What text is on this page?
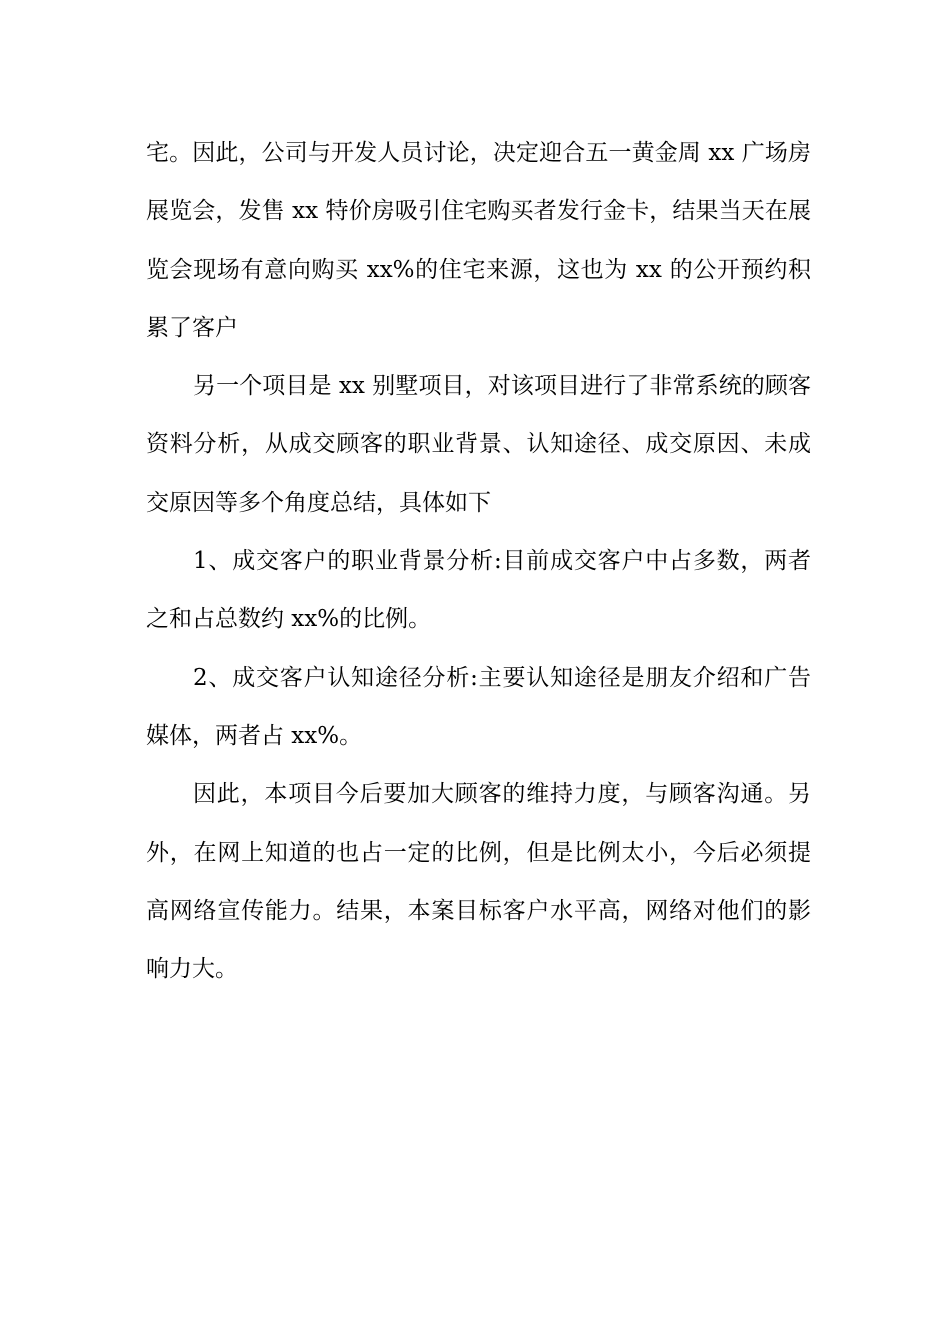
宅。因此，公司与开发人员讨论，决定迎合五一黄金周 xx 广场房展览会，发售 xx 特价房吸引住宅购买者发行金卡，结果当天在展览会现场有意向购买 xx%的住宅来源，这也为 xx 的公开预约积累了客户

另一个项目是 xx 别墅项目，对该项目进行了非常系统的顾客资料分析，从成交顾客的职业背景、认知途径、成交原因、未成交原因等多个角度总结，具体如下

1、成交客户的职业背景分析:目前成交客户中占多数，两者之和占总数约 xx%的比例。

2、成交客户认知途径分析:主要认知途径是朋友介绍和广告媒体，两者占 xx%。

因此，本项目今后要加大顾客的维持力度，与顾客沟通。另外，在网上知道的也占一定的比例，但是比例太小，今后必须提高网络宣传能力。结果，本案目标客户水平高，网络对他们的影响力大。
